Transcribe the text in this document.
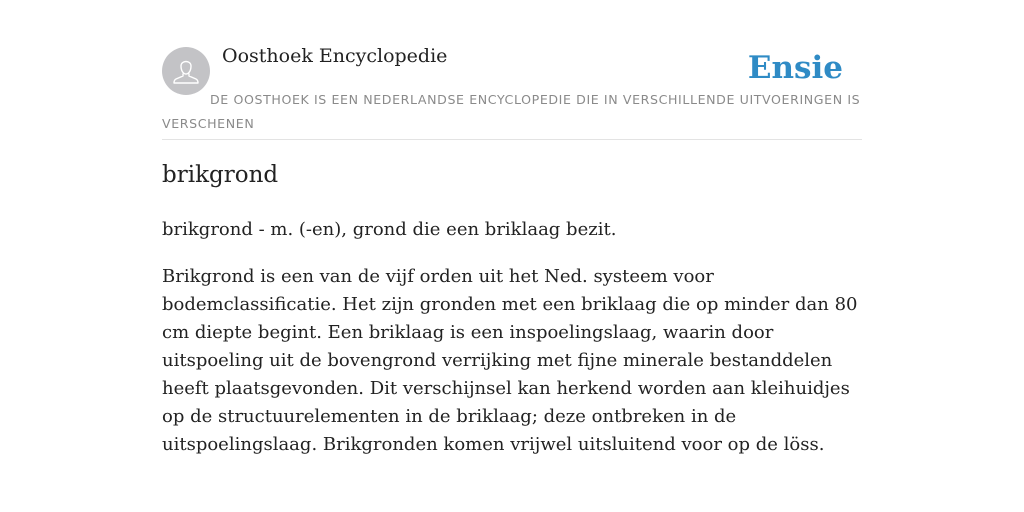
Oosthoek Encyclopedie	Ensie
DE OOSTHOEK IS EEN NEDERLANDSE ENCYCLOPEDIE DIE IN VERSCHILLENDE UITVOERINGEN IS VERSCHENEN
brikgrond

brikgrond - m. (-en), grond die een briklaag bezit.

Brikgrond is een van de vijf orden uit het Ned. systeem voor bodemclassificatie. Het zijn gronden met een briklaag die op minder dan 80 cm diepte begint. Een briklaag is een inspoelingslaag, waarin door uitspoeling uit de bovengrond verrijking met fijne minerale bestanddelen heeft plaatsgevonden. Dit verschijnsel kan herkend worden aan kleihuidjes op de structuurelementen in de briklaag; deze ontbreken in de uitspoelingslaag. Brikgronden komen vrijwel uitsluitend voor op de löss.
